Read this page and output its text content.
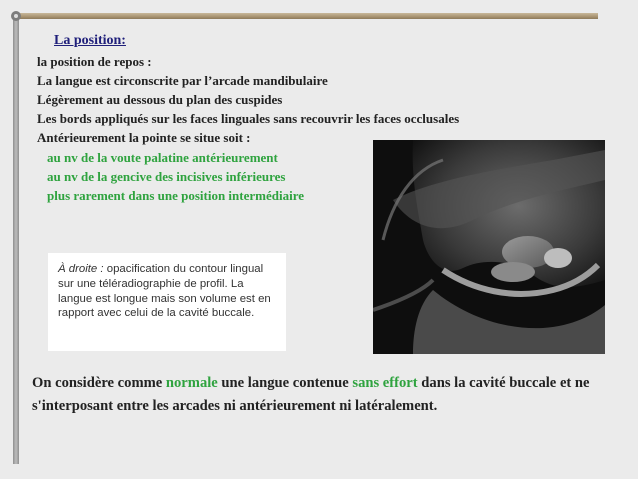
La position:
la position de repos :
La langue est circonscrite par l’arcade mandibulaire
Légèrement au dessous du plan des cuspides
Les bords appliqués sur les faces linguales sans recouvrir les faces occlusales
Antérieurement la pointe se situe soit :
au nv de la voute palatine antérieurement
au nv de la gencive des incisives inférieures
plus rarement dans une position intermédiaire

À droite : opacification du contour lingual sur une téléradiographie de profil. La langue est longue mais son volume est en rapport avec celui de la cavité buccale.

On considère comme normale une langue contenue sans effort dans la cavité buccale et ne s'interposant entre les arcades ni antérieurement ni latéralement.
